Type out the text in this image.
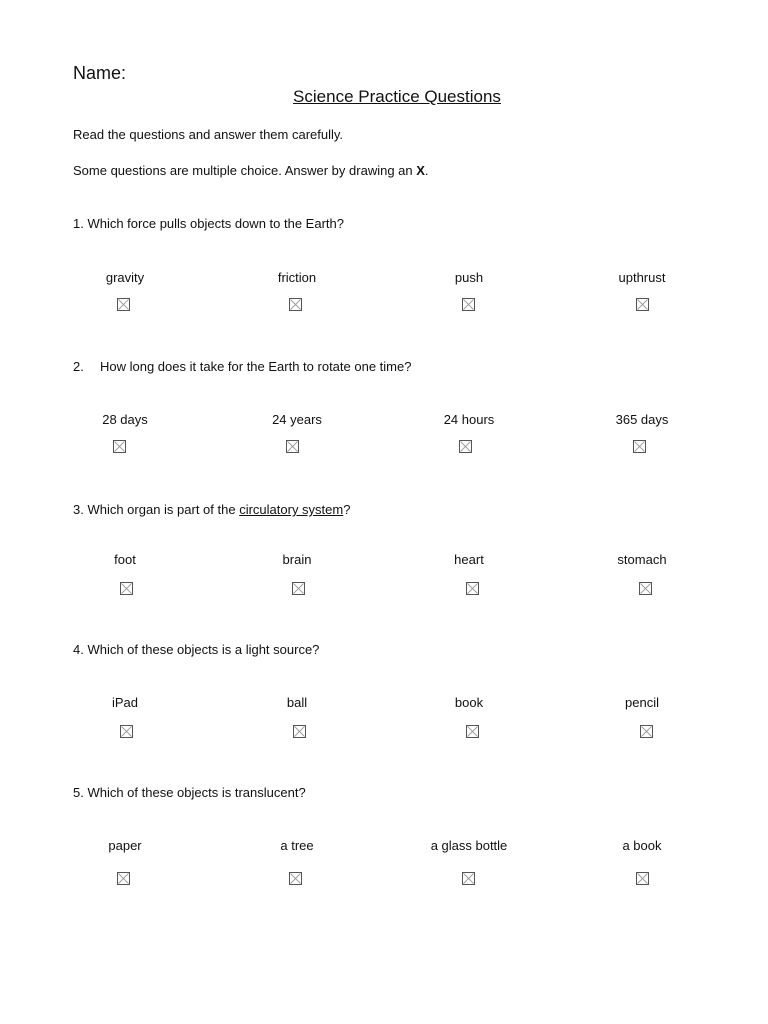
Name:
Science Practice Questions
Read the questions and answer them carefully.
Some questions are multiple choice. Answer by drawing an X.
1. Which force pulls objects down to the Earth?
gravity	friction	push	upthrust
2. How long does it take for the Earth to rotate one time?
28 days	24 years	24 hours	365 days
3. Which organ is part of the circulatory system?
foot	brain	heart	stomach
4. Which of these objects is a light source?
iPad	ball	book	pencil
5. Which of these objects is translucent?
paper	a tree	a glass bottle	a book
